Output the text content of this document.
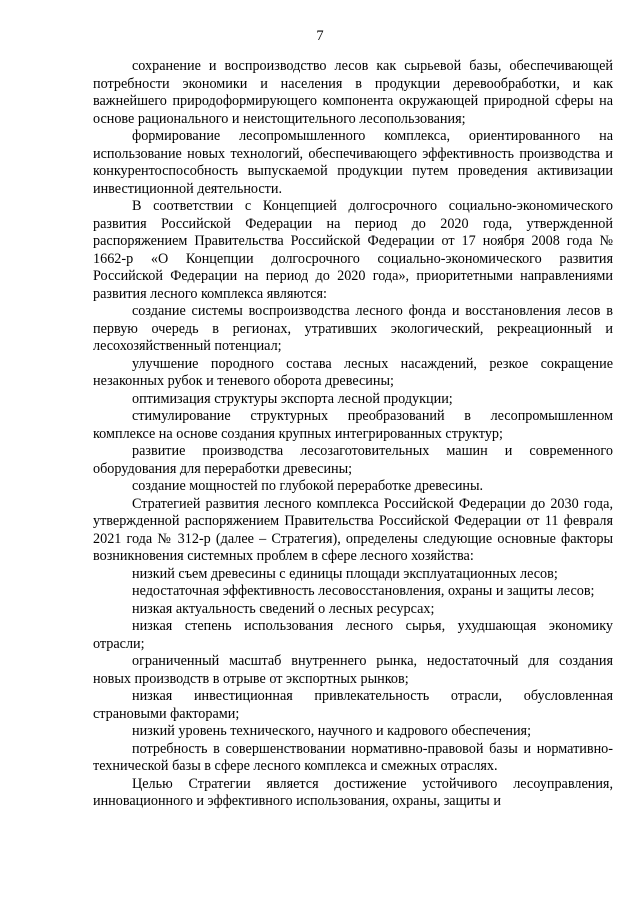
7

сохранение и воспроизводство лесов как сырьевой базы, обеспечивающей потребности экономики и населения в продукции деревообработки, и как важнейшего природоформирующего компонента окружающей природной сферы на основе рационального и неистощительного лесопользования;

формирование лесопромышленного комплекса, ориентированного на использование новых технологий, обеспечивающего эффективность производства и конкурентоспособность выпускаемой продукции путем проведения активизации инвестиционной деятельности.

В соответствии с Концепцией долгосрочного социально-экономического развития Российской Федерации на период до 2020 года, утвержденной распоряжением Правительства Российской Федерации от 17 ноября 2008 года № 1662-р «О Концепции долгосрочного социально-экономического развития Российской Федерации на период до 2020 года», приоритетными направлениями развития лесного комплекса являются:

создание системы воспроизводства лесного фонда и восстановления лесов в первую очередь в регионах, утративших экологический, рекреационный и лесохозяйственный потенциал;

улучшение породного состава лесных насаждений, резкое сокращение незаконных рубок и теневого оборота древесины;

оптимизация структуры экспорта лесной продукции;

стимулирование структурных преобразований в лесопромышленном комплексе на основе создания крупных интегрированных структур;

развитие производства лесозаготовительных машин и современного оборудования для переработки древесины;

создание мощностей по глубокой переработке древесины.

Стратегией развития лесного комплекса Российской Федерации до 2030 года, утвержденной распоряжением Правительства Российской Федерации от 11 февраля 2021 года № 312-р (далее – Стратегия), определены следующие основные факторы возникновения системных проблем в сфере лесного хозяйства:

низкий съем древесины с единицы площади эксплуатационных лесов;

недостаточная эффективность лесовосстановления, охраны и защиты лесов;

низкая актуальность сведений о лесных ресурсах;

низкая степень использования лесного сырья, ухудшающая экономику отрасли;

ограниченный масштаб внутреннего рынка, недостаточный для создания новых производств в отрыве от экспортных рынков;

низкая инвестиционная привлекательность отрасли, обусловленная страновыми факторами;

низкий уровень технического, научного и кадрового обеспечения;

потребность в совершенствовании нормативно-правовой базы и нормативно-технической базы в сфере лесного комплекса и смежных отраслях.

Целью Стратегии является достижение устойчивого лесоуправления, инновационного и эффективного использования, охраны, защиты и
